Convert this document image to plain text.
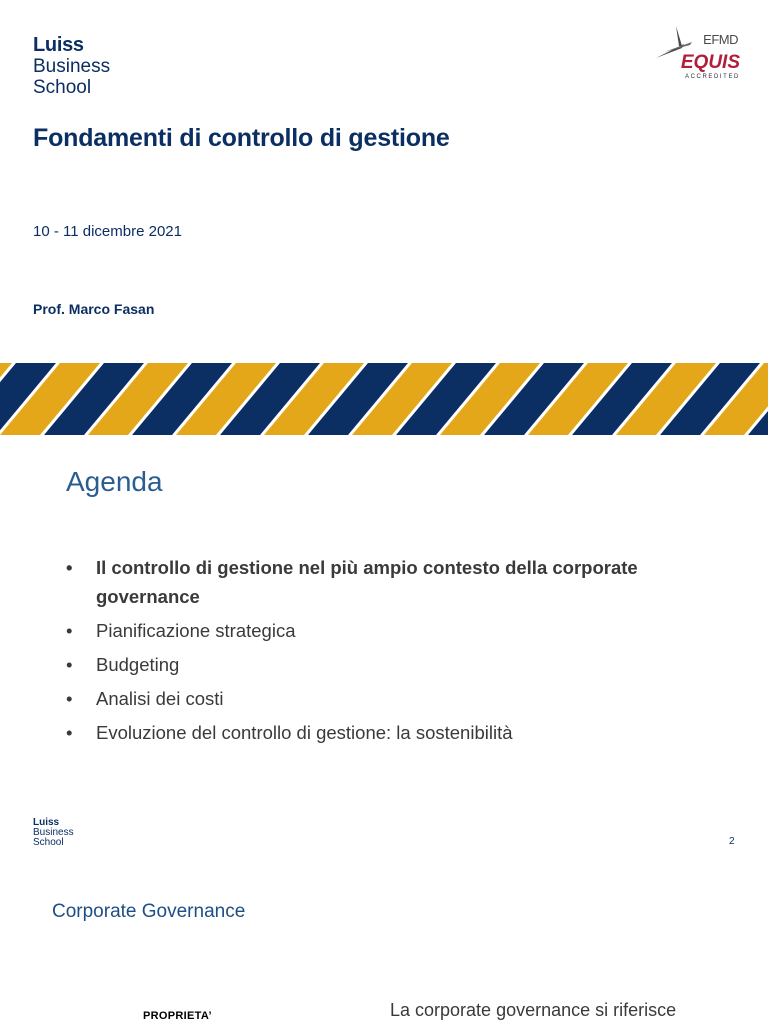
Luiss
Business
School
EFMD
EQUIS
ACCREDITED
Fondamenti di controllo di gestione
10 - 11 dicembre 2021
Prof. Marco Fasan
Agenda
• Il controllo di gestione nel più ampio contesto della corporate governance
• Pianificazione strategica
• Budgeting
• Analisi dei costi
• Evoluzione del controllo di gestione: la sostenibilità
Luiss
Business
School	2
Corporate Governance
PROPRIETA’	La corporate governance si riferisce
